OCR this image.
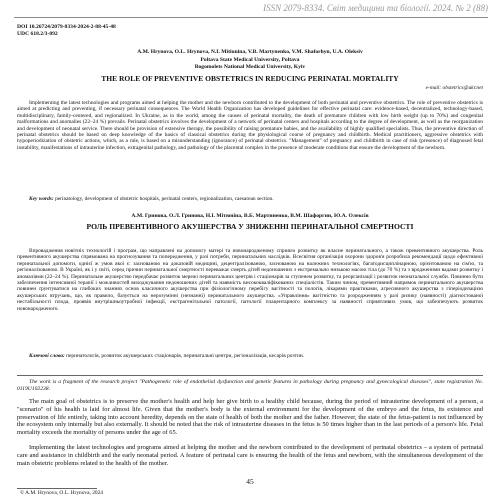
ISSN 2079-8334. Світ медицини та біології. 2024. № 2 (88)
DOI 10.26724/2079-8334-2024-2-88-45-48
UDC 618.2/3-092
A.M. Hrynova, O.L. Hrynova, N.I. Mitiunina, V.B. Martynenko, V.M. Shaforhyn, U.A. Oleksiv
Poltava State Medical University, Poltava
Bogomolets National Medical University, Kyiv
THE ROLE OF PREVENTIVE OBSTETRICS IN REDUCING PERINATAL MORTALITY
e-mail: obstetrics@ukr.net
Implementing the latest technologies and programs aimed at helping the mother and the newborn contributed to the development of both perinatal and preventive obstetrics. The role of preventive obstetrics is aimed at predicting and preventing, if necessary perinatal consequences. The World Health Organization has developed guidelines for effective perinatal care: evidence-based, decentralized, technology-based, multidisciplinary, family-centered, and regionalized. In Ukraine, as in the world, among the causes of perinatal mortality, the death of premature children with low birth weight (up to 70%) and congenital malformations and anomalies (22–24 %) prevails. Perinatal obstetrics involves the development of a network of perinatal centers and hospitals according to the degree of development, as well as the reorganization and development of neonatal service. There should be provision of extensive therapy, the possibility of raising premature babies, and the availability of highly qualified specialists. Thus, the preventive direction of perinatal obstetrics should be based on deep knowledge of the basics of classical obstetrics during the physiological course of pregnancy and childbirth. Medical practitioners, aggressive obstetrics with hypoperiodization of obstetric actions, which, as a rule, is based on a misunderstanding (ignorance) of perinatal obstetrics. "Management" of pregnancy and childbirth in case of risk (presence) of diagnosed fetal instability, manifestations of intrauterine infection, extragenital pathology, and pathology of the placental complex in the presence of moderate conditions that ensure the development of the newborn.
Key words: perinatology, development of obstetric hospitals, perinatal centers, regionalization, caesarean section.
А.М. Гринова, О.Л. Гринова, Н.І. Мітюніна, В.Б. Мартиненко, В.М. Шафоргин, Ю.А. Олексів
РОЛЬ ПРЕВЕНТИВНОГО АКУШЕРСТВА У ЗНИЖЕННІ ПЕРИНАТАЛЬНОЇ СМЕРТНОСТІ
Впровадження новітніх технологій і програм, що направлені на допомогу матері та новонародженому сприяло розвитку як власне перинатального, а також превентивного акушерства. Роль превентивного акушерства спрямована на прогнозування та попередження, у разі потреби, перинатальних наслідків. Всесвітня організація охорони здоров'я розробила рекомендації щодо ефективної перинатальної допомоги, однієї ж умов якої є: заснованою на доказовій медицині, децентралізованою, заснованою на належних технологіях, багатодисциплінарною, орієнтованою на сім'ю, та регіоналізованою. В Україні, як і у світі, серед причин перинатальної смертності переважає смерть дітей недоношених з екстремально низькою масою тіла (до 70 %) та з вродженими вадами розвитку і аномаліями (22–24 %). Перинатальне акушерство передбачає розвиток мережі перинатальних центрів і стаціонарів за ступенем розвитку, та реорганізації і розвиток неонатальної служби. Повинно бути забезпечення інтенсивної терапії і можливостей виходжування недоношених дітей та наявність висококваліфікованих спеціалістів. Таким чином, превентивний напрямок перинатального акушерства повинен ґрунтуватися на глибоких знаннях основ класичного акушерства при фізіологічному перебігу вагітності та пологів, лікарями практиками, агресивного акушерства з гіперіодизацією акушерських втручань, що, як правило, базується на нерозумінні (незнанні) перинатального акушерства. «Управління» вагітністю та розродженням у разі ризику (наявності) діагностованої нестабільності плода, проявів внутрішньоутробної інфекції, екстрагенітальної патології, патології плацентарного комплексу за наявності сприятливих умов, що забезпечують розвиток новонародженого.
Ключові слова: перинатологія, розвиток акушерських стаціонарів, перинатальні центри, регіоналізація, кесарів розтин.
The work is a fragment of the research project "Pathogenetic role of endothelial dysfunction and genetic features in pathology during pregnancy and gynecological diseases", state registration No. 0119U102238.
The main goal of obstetrics is to preserve the mother's health and help her give birth to a healthy child because, during the period of intrauterine development of a person, a "scenario" of his health is laid for almost life. Given that the mother's body is the external environment for the development of the embryo and the fetus, its existence and preservation of life entirely, taking into account heredity, depends on the state of health of both the mother and the father. However, the state of the fetus-patient is not influenced by the ecosystem only internally but also externally. It should be noted that the risk of intrauterine diseases in the fetus is 50 times higher than in the last periods of a person's life. Fetal mortality exceeds the mortality of persons under the age of 65.
Implementing the latest technologies and programs aimed at helping the mother and the newborn contributed to the development of perinatal obstetrics – a system of perinatal care and assistance in childbirth and the early neonatal period. A feature of perinatal care is ensuring the health of the fetus and newborn, with the simultaneous development of the main obstetric problems related to the health of the mother.
45
© A.M. Hrynova, O.L. Hrynova, 2024
